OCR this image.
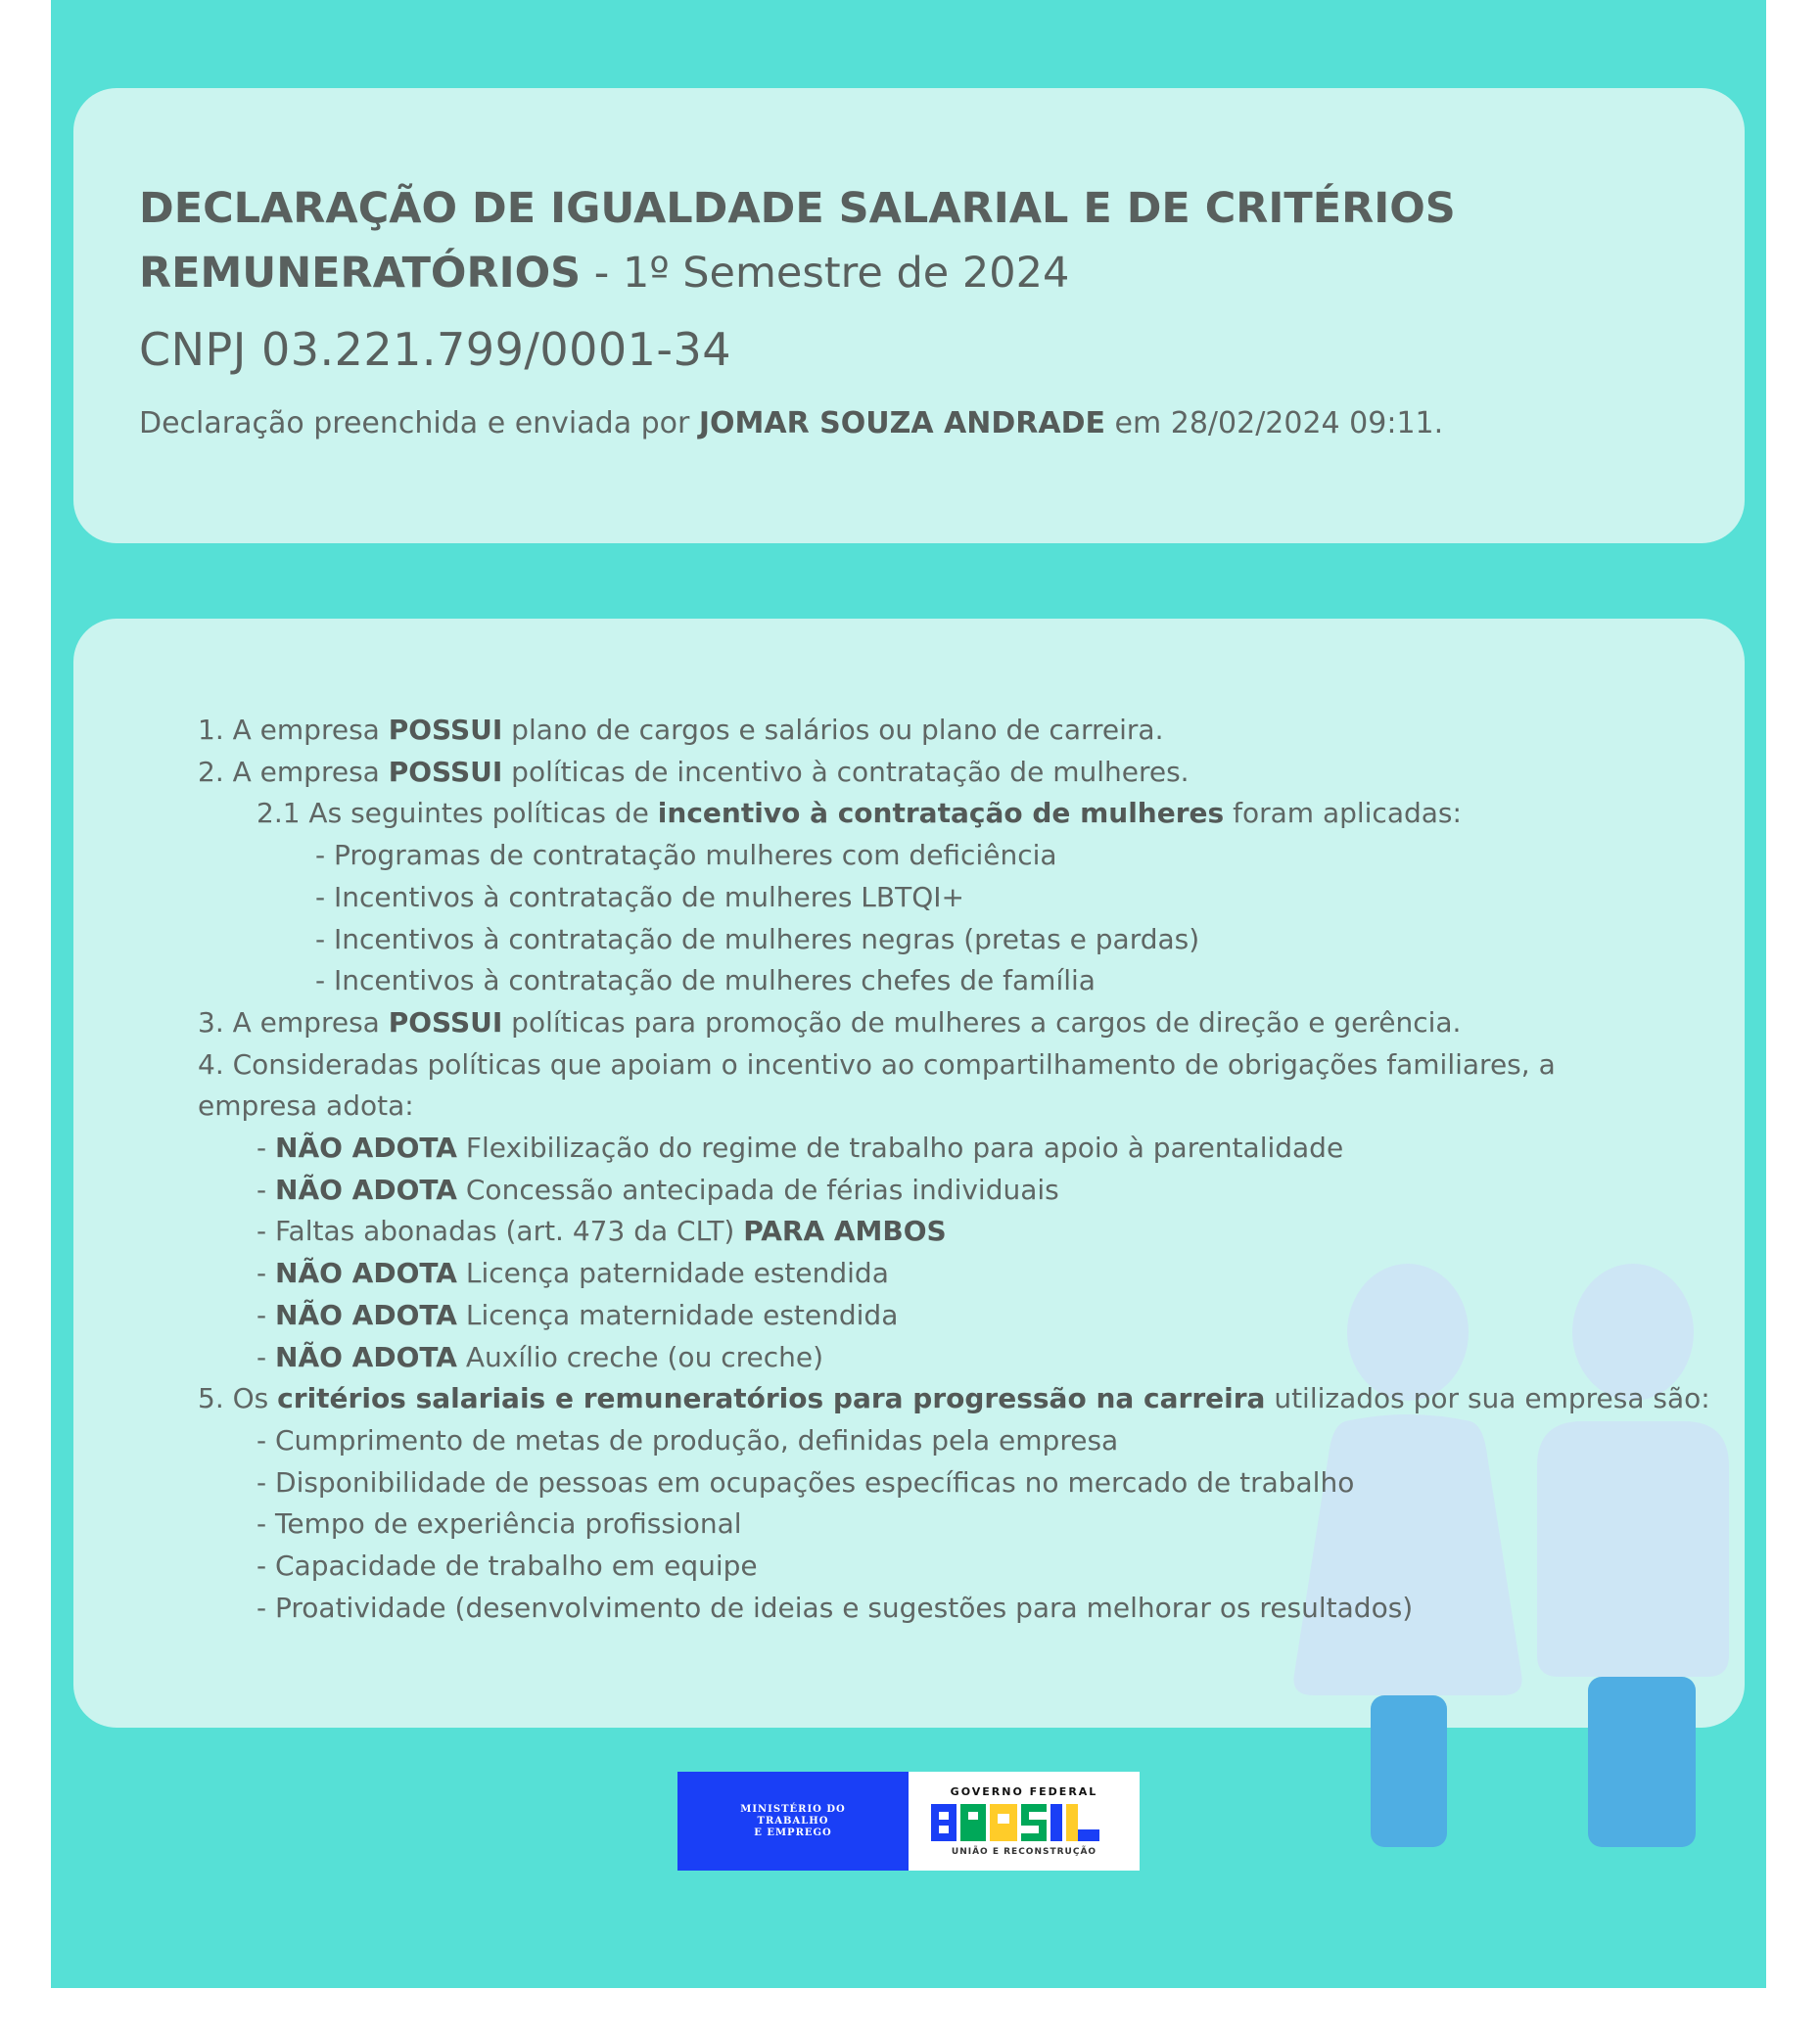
DECLARAÇÃO DE IGUALDADE SALARIAL E DE CRITÉRIOS
REMUNERATÓRIOS - 1º Semestre de 2024
CNPJ 03.221.799/0001-34
Declaração preenchida e enviada por JOMAR SOUZA ANDRADE em 28/02/2024 09:11.
1. A empresa POSSUI plano de cargos e salários ou plano de carreira.
2. A empresa POSSUI políticas de incentivo à contratação de mulheres.
2.1 As seguintes políticas de incentivo à contratação de mulheres foram aplicadas:
- Programas de contratação mulheres com deficiência
- Incentivos à contratação de mulheres LBTQI+
- Incentivos à contratação de mulheres negras (pretas e pardas)
- Incentivos à contratação de mulheres chefes de família
3. A empresa POSSUI políticas para promoção de mulheres a cargos de direção e gerência.
4. Consideradas políticas que apoiam o incentivo ao compartilhamento de obrigações familiares, a empresa adota:
- NÃO ADOTA Flexibilização do regime de trabalho para apoio à parentalidade
- NÃO ADOTA Concessão antecipada de férias individuais
- Faltas abonadas (art. 473 da CLT) PARA AMBOS
- NÃO ADOTA Licença paternidade estendida
- NÃO ADOTA Licença maternidade estendida
- NÃO ADOTA Auxílio creche (ou creche)
5. Os critérios salariais e remuneratórios para progressão na carreira utilizados por sua empresa são:
- Cumprimento de metas de produção, definidas pela empresa
- Disponibilidade de pessoas em ocupações específicas no mercado de trabalho
- Tempo de experiência profissional
- Capacidade de trabalho em equipe
- Proatividade (desenvolvimento de ideias e sugestões para melhorar os resultados)
MINISTÉRIO DO
TRABALHO
E EMPREGO
GOVERNO FEDERAL
UNIÃO E RECONSTRUÇÃO
